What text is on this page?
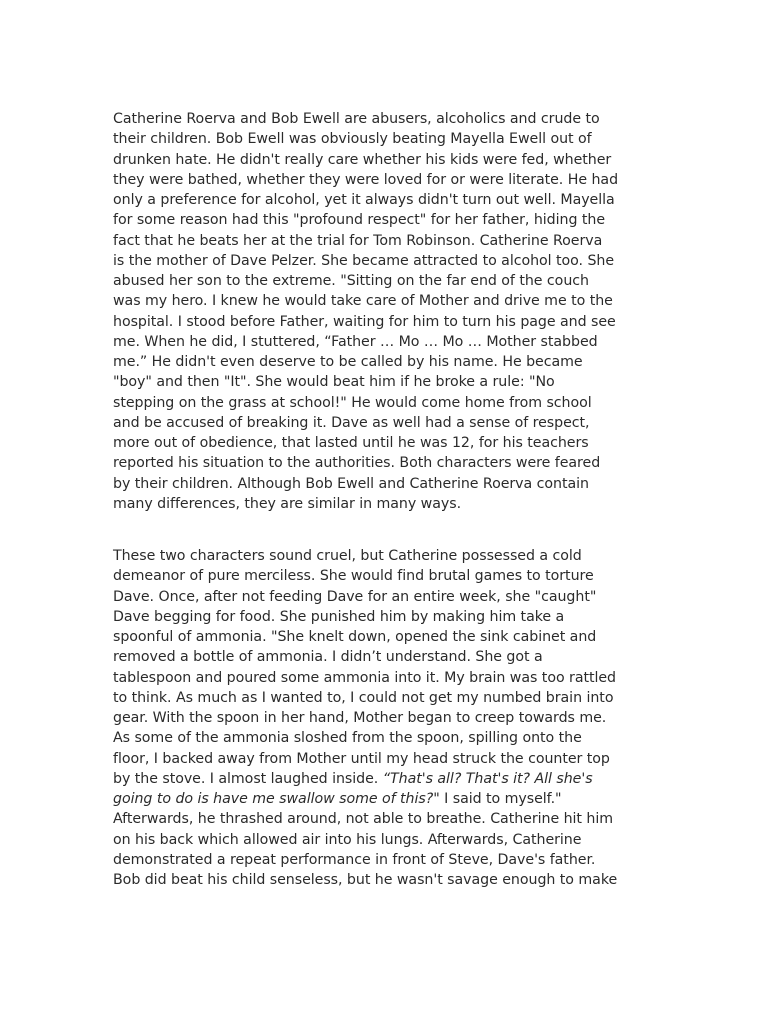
Catherine Roerva and Bob Ewell are abusers, alcoholics and crude to
their children. Bob Ewell was obviously beating Mayella Ewell out of
drunken hate. He didn't really care whether his kids were fed, whether
they were bathed, whether they were loved for or were literate. He had
only a preference for alcohol, yet it always didn't turn out well. Mayella
for some reason had this "profound respect" for her father, hiding the
fact that he beats her at the trial for Tom Robinson. Catherine Roerva
is the mother of Dave Pelzer. She became attracted to alcohol too. She
abused her son to the extreme. "Sitting on the far end of the couch
was my hero. I knew he would take care of Mother and drive me to the
hospital. I stood before Father, waiting for him to turn his page and see
me. When he did, I stuttered, “Father … Mo … Mo … Mother stabbed
me.” He didn't even deserve to be called by his name. He became
"boy" and then "It". She would beat him if he broke a rule: "No
stepping on the grass at school!" He would come home from school
and be accused of breaking it. Dave as well had a sense of respect,
more out of obedience, that lasted until he was 12, for his teachers
reported his situation to the authorities. Both characters were feared
by their children. Although Bob Ewell and Catherine Roerva contain
many differences, they are similar in many ways.
These two characters sound cruel, but Catherine possessed a cold
demeanor of pure merciless. She would find brutal games to torture
Dave. Once, after not feeding Dave for an entire week, she "caught"
Dave begging for food. She punished him by making him take a
spoonful of ammonia. "She knelt down, opened the sink cabinet and
removed a bottle of ammonia. I didn’t understand. She got a
tablespoon and poured some ammonia into it. My brain was too rattled
to think. As much as I wanted to, I could not get my numbed brain into
gear. With the spoon in her hand, Mother began to creep towards me.
As some of the ammonia sloshed from the spoon, spilling onto the
floor, I backed away from Mother until my head struck the counter top
by the stove. I almost laughed inside. “That's all? That's it? All she's
going to do is have me swallow some of this?" I said to myself."
Afterwards, he thrashed around, not able to breathe. Catherine hit him
on his back which allowed air into his lungs. Afterwards, Catherine
demonstrated a repeat performance in front of Steve, Dave's father.
Bob did beat his child senseless, but he wasn't savage enough to make
